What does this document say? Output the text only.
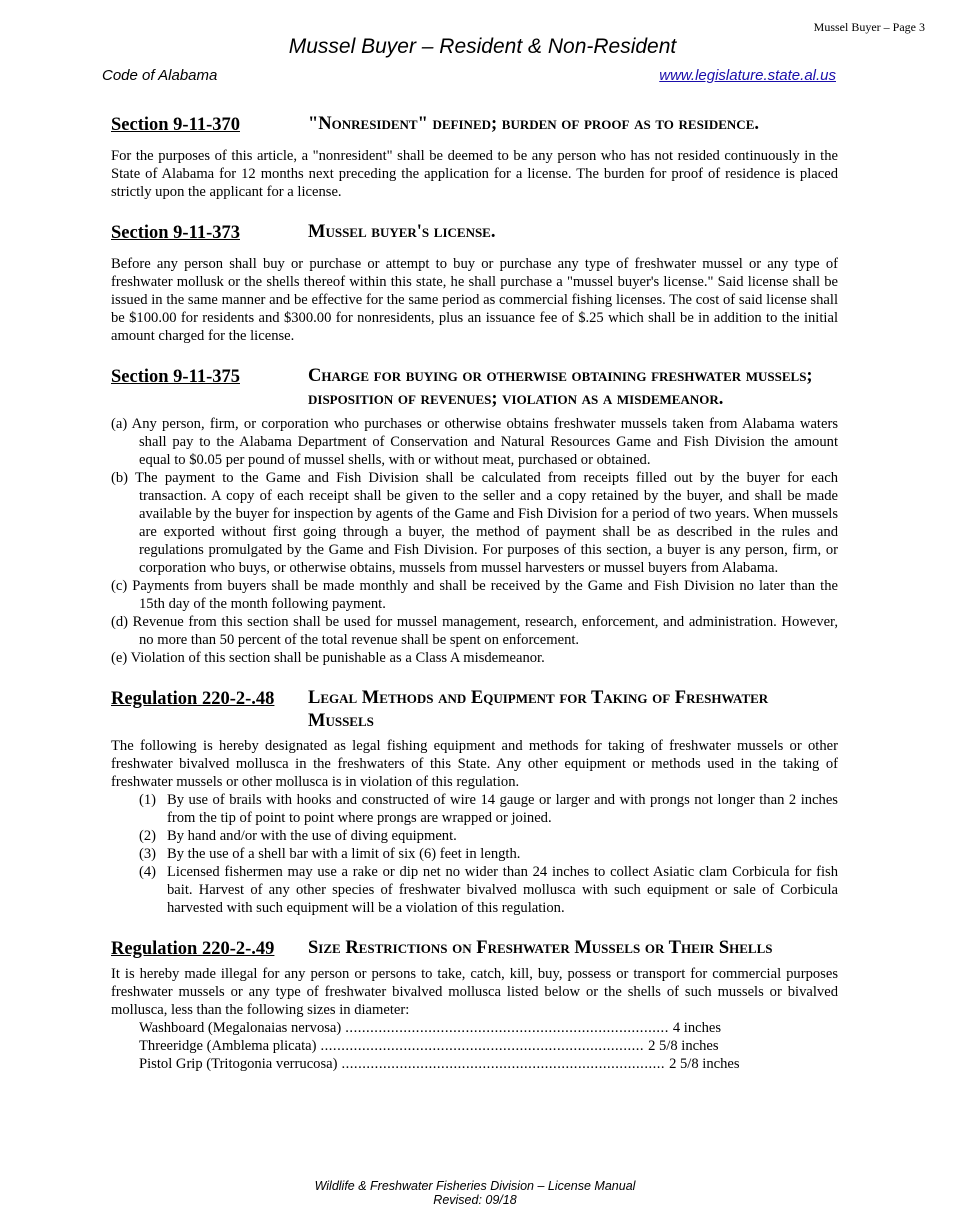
Mussel Buyer – Page 3
Mussel Buyer – Resident & Non-Resident
Code of Alabama	www.legislature.state.al.us
Section 9-11-370	"Nonresident" defined; burden of proof as to residence.

For the purposes of this article, a "nonresident" shall be deemed to be any person who has not resided continuously in the State of Alabama for 12 months next preceding the application for a license. The burden for proof of residence is placed strictly upon the applicant for a license.

Section 9-11-373	Mussel buyer's license.

Before any person shall buy or purchase or attempt to buy or purchase any type of freshwater mussel or any type of freshwater mollusk or the shells thereof within this state, he shall purchase a "mussel buyer's license." Said license shall be issued in the same manner and be effective for the same period as commercial fishing licenses. The cost of said license shall be $100.00 for residents and $300.00 for nonresidents, plus an issuance fee of $.25 which shall be in addition to the initial amount charged for the license.

Section 9-11-375	Charge for buying or otherwise obtaining freshwater mussels; disposition of revenues; violation as a misdemeanor.

(a) Any person, firm, or corporation who purchases or otherwise obtains freshwater mussels taken from Alabama waters shall pay to the Alabama Department of Conservation and Natural Resources Game and Fish Division the amount equal to $0.05 per pound of mussel shells, with or without meat, purchased or obtained.

(b) The payment to the Game and Fish Division shall be calculated from receipts filled out by the buyer for each transaction. A copy of each receipt shall be given to the seller and a copy retained by the buyer, and shall be made available by the buyer for inspection by agents of the Game and Fish Division for a period of two years. When mussels are exported without first going through a buyer, the method of payment shall be as described in the rules and regulations promulgated by the Game and Fish Division. For purposes of this section, a buyer is any person, firm, or corporation who buys, or otherwise obtains, mussels from mussel harvesters or mussel buyers from Alabama.

(c) Payments from buyers shall be made monthly and shall be received by the Game and Fish Division no later than the 15th day of the month following payment.

(d) Revenue from this section shall be used for mussel management, research, enforcement, and administration. However, no more than 50 percent of the total revenue shall be spent on enforcement.

(e) Violation of this section shall be punishable as a Class A misdemeanor.

Regulation 220-2-.48	Legal Methods and Equipment for Taking of Freshwater Mussels

The following is hereby designated as legal fishing equipment and methods for taking of freshwater mussels or other freshwater bivalved mollusca in the freshwaters of this State. Any other equipment or methods used in the taking of freshwater mussels or other mollusca is in violation of this regulation.

(1) By use of brails with hooks and constructed of wire 14 gauge or larger and with prongs not longer than 2 inches from the tip of point to point where prongs are wrapped or joined.
(2) By hand and/or with the use of diving equipment.
(3) By the use of a shell bar with a limit of six (6) feet in length.
(4) Licensed fishermen may use a rake or dip net no wider than 24 inches to collect Asiatic clam Corbicula for fish bait. Harvest of any other species of freshwater bivalved mollusca with such equipment or sale of Corbicula harvested with such equipment will be a violation of this regulation.
Regulation 220-2-.49	Size Restrictions on Freshwater Mussels or Their Shells

It is hereby made illegal for any person or persons to take, catch, kill, buy, possess or transport for commercial purposes freshwater mussels or any type of freshwater bivalved mollusca listed below or the shells of such mussels or bivalved mollusca, less than the following sizes in diameter:

Washboard (Megalonaias nervosa) .............................................................................. 4 inches
Threeridge (Amblema plicata) .............................................................................. 2 5/8 inches
Pistol Grip (Tritogonia verrucosa) .............................................................................. 2 5/8 inches
Wildlife & Freshwater Fisheries Division – License Manual
Revised: 09/18
